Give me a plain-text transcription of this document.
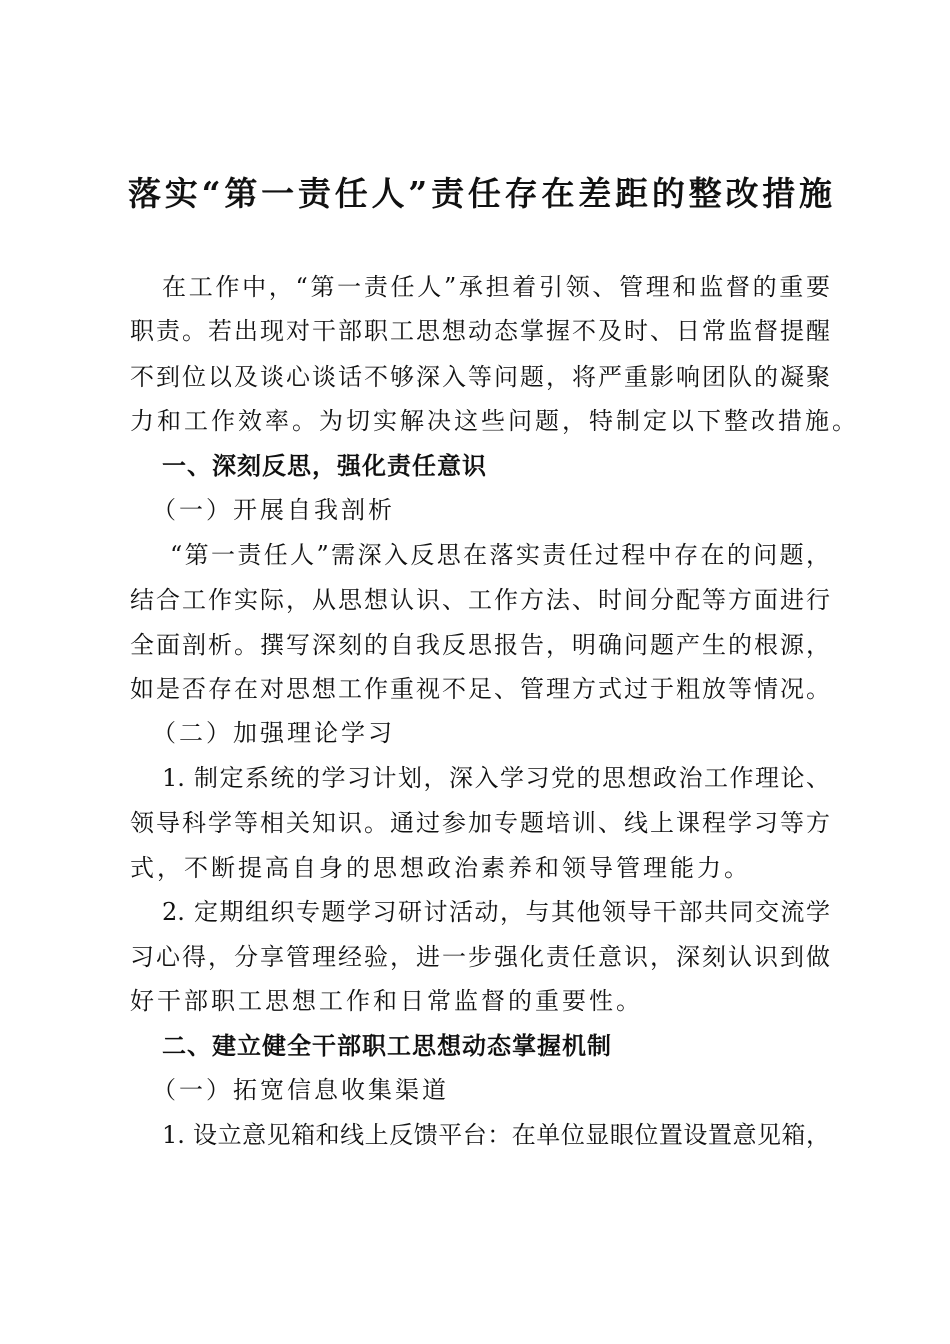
落实“第一责任人”责任存在差距的整改措施
在工作中，“第一责任人”承担着引领、管理和监督的重要
职责。若出现对干部职工思想动态掌握不及时、日常监督提醒
不到位以及谈心谈话不够深入等问题，将严重影响团队的凝聚
力和工作效率。为切实解决这些问题，特制定以下整改措施。
一、深刻反思，强化责任意识
（一）开展自我剖析
“第一责任人”需深入反思在落实责任过程中存在的问题，
结合工作实际，从思想认识、工作方法、时间分配等方面进行
全面剖析。撰写深刻的自我反思报告，明确问题产生的根源，
如是否存在对思想工作重视不足、管理方式过于粗放等情况。
（二）加强理论学习
1. 制定系统的学习计划，深入学习党的思想政治工作理论、
领导科学等相关知识。通过参加专题培训、线上课程学习等方
式，不断提高自身的思想政治素养和领导管理能力。
2. 定期组织专题学习研讨活动，与其他领导干部共同交流学
习心得，分享管理经验，进一步强化责任意识，深刻认识到做
好干部职工思想工作和日常监督的重要性。
二、建立健全干部职工思想动态掌握机制
（一）拓宽信息收集渠道
1. 设立意见箱和线上反馈平台：在单位显眼位置设置意见箱，
